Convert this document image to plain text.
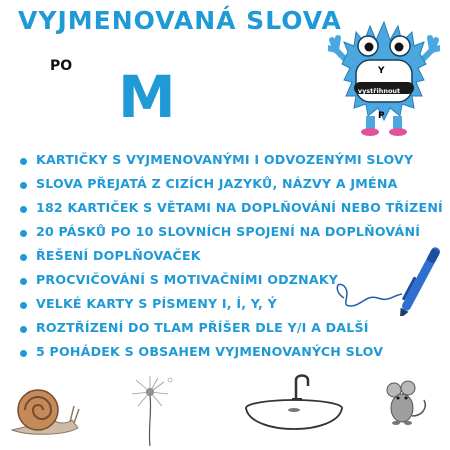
VYJMENOVANÁ SLOVA
PO M	Y
vystřihnout
P
KARTIČKY S VYJMENOVANÝMI I ODVOZENÝMI SLOVY
SLOVA PŘEJATÁ Z CIZÍCH JAZYKŮ, NÁZVY A JMÉNA
182 KARTIČEK S VĚTAMI NA DOPLŇOVÁNÍ NEBO TŘÍZENÍ
20 PÁSKŮ PO 10 SLOVNÍCH SPOJENÍ NA DOPLŇOVÁNÍ
ŘEŠENÍ DOPLŇOVAČEK
PROCVIČOVÁNÍ S MOTIVAČNÍMI ODZNAKY
VELKÉ KARTY S PÍSMENY I, Í, Y, Ý
ROZTŘÍZENÍ DO TLAM PŘÍŠER DLE Y/I A DALŠÍ
5 POHÁDEK S OBSAHEM VYJMENOVANÝCH SLOV
